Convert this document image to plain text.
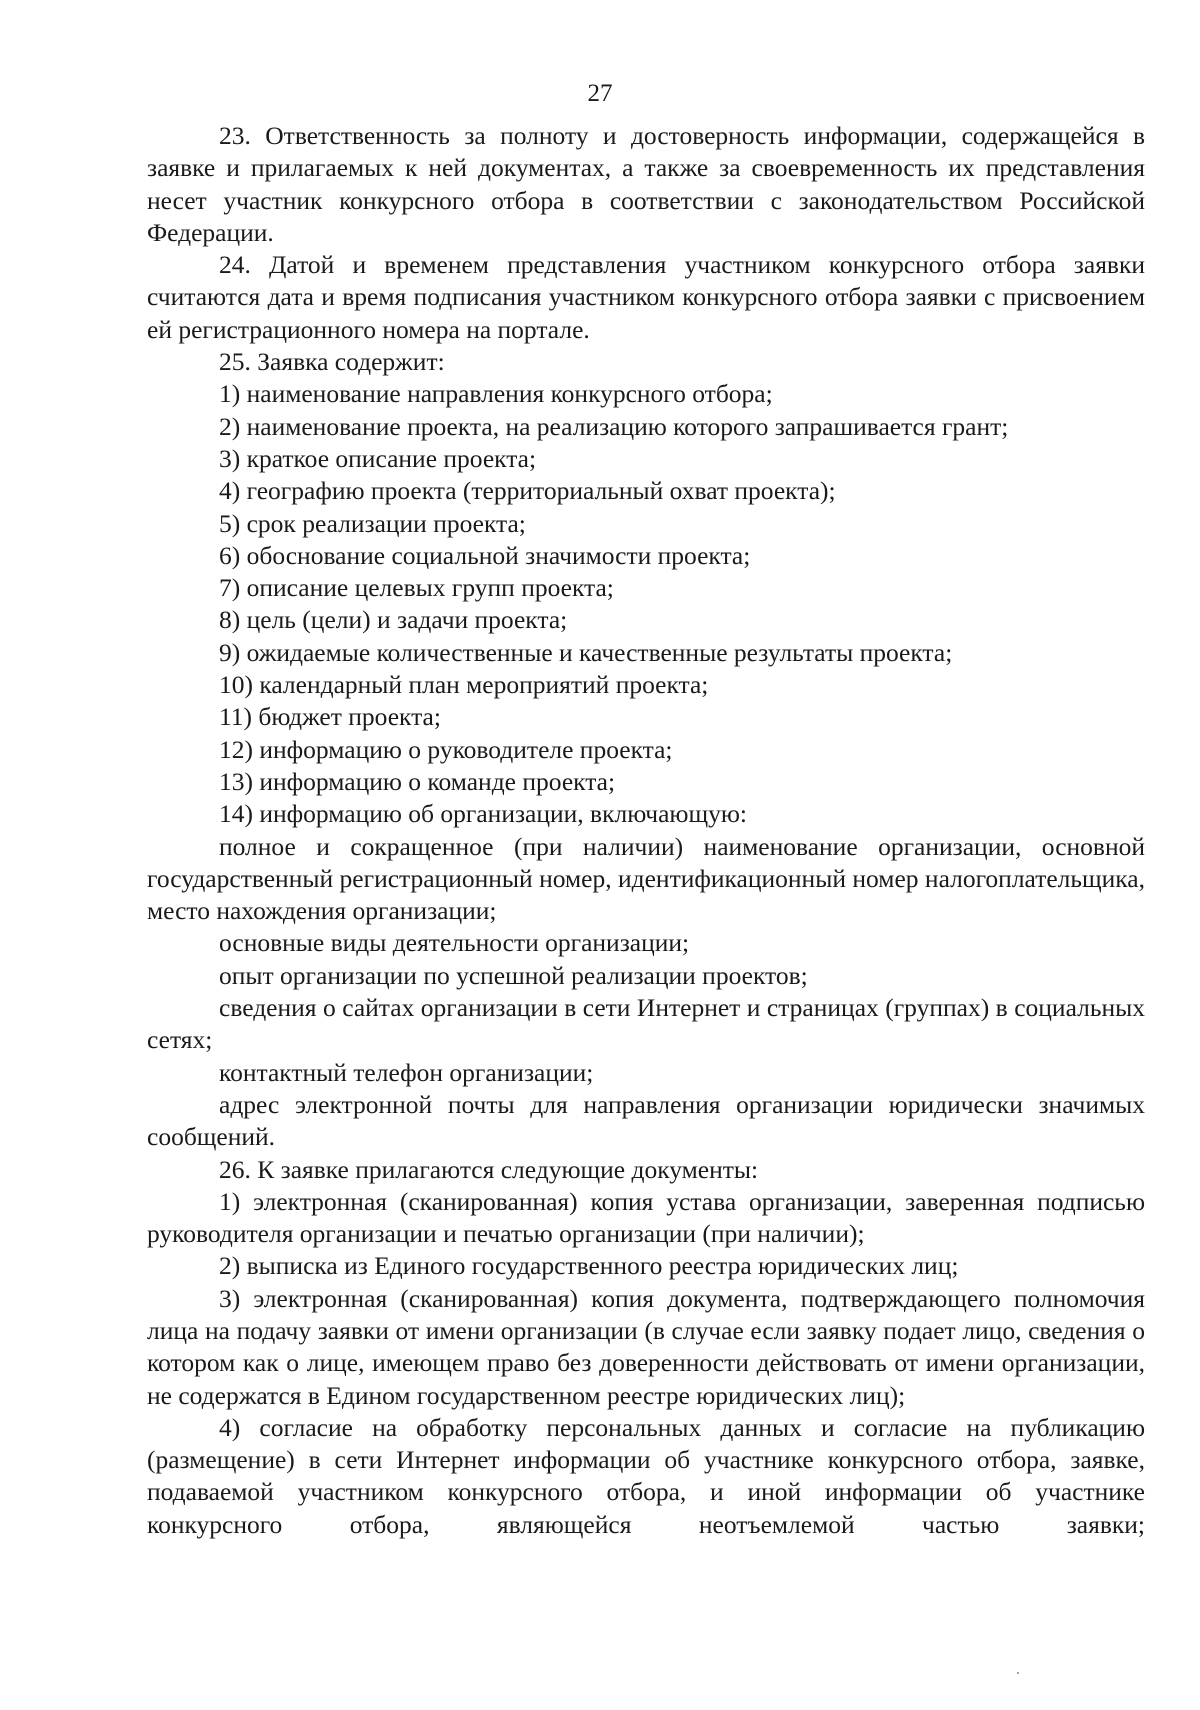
27

23. Ответственность за полноту и достоверность информации, содержащейся в заявке и прилагаемых к ней документах, а также за своевременность их представления несет участник конкурсного отбора в соответствии с законодательством Российской Федерации.

24. Датой и временем представления участником конкурсного отбора заявки считаются дата и время подписания участником конкурсного отбора заявки с присвоением ей регистрационного номера на портале.

25. Заявка содержит:

1) наименование направления конкурсного отбора;

2) наименование проекта, на реализацию которого запрашивается грант;

3) краткое описание проекта;

4) географию проекта (территориальный охват проекта);

5) срок реализации проекта;

6) обоснование социальной значимости проекта;

7) описание целевых групп проекта;

8) цель (цели) и задачи проекта;

9) ожидаемые количественные и качественные результаты проекта;

10) календарный план мероприятий проекта;

11) бюджет проекта;

12) информацию о руководителе проекта;

13) информацию о команде проекта;

14) информацию об организации, включающую:

полное и сокращенное (при наличии) наименование организации, основной государственный регистрационный номер, идентификационный номер налогоплательщика, место нахождения организации;

основные виды деятельности организации;

опыт организации по успешной реализации проектов;

сведения о сайтах организации в сети Интернет и страницах (группах) в социальных сетях;

контактный телефон организации;

адрес электронной почты для направления организации юридически значимых сообщений.

26. К заявке прилагаются следующие документы:

1) электронная (сканированная) копия устава организации, заверенная подписью руководителя организации и печатью организации (при наличии);

2) выписка из Единого государственного реестра юридических лиц;

3) электронная (сканированная) копия документа, подтверждающего полномочия лица на подачу заявки от имени организации (в случае если заявку подает лицо, сведения о котором как о лице, имеющем право без доверенности действовать от имени организации, не содержатся в Едином государственном реестре юридических лиц);

4) согласие на обработку персональных данных и согласие на публикацию (размещение) в сети Интернет информации об участнике конкурсного отбора, заявке, подаваемой участником конкурсного отбора, и иной информации об участнике конкурсного отбора, являющейся неотъемлемой частью заявки;
